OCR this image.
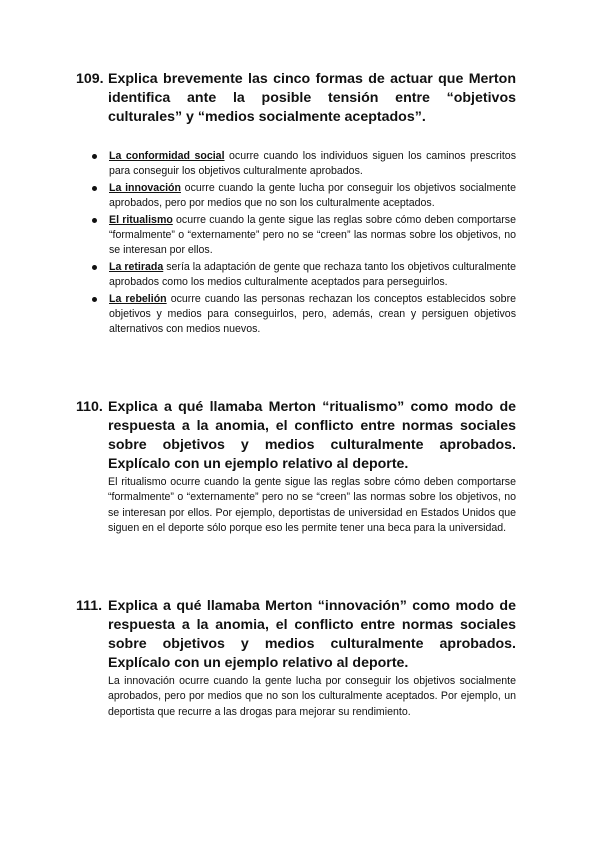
109. Explica brevemente las cinco formas de actuar que Merton identifica ante la posible tensión entre “objetivos culturales” y “medios socialmente aceptados”.
La conformidad social ocurre cuando los individuos siguen los caminos prescritos para conseguir los objetivos culturalmente aprobados.
La innovación ocurre cuando la gente lucha por conseguir los objetivos socialmente aprobados, pero por medios que no son los culturalmente aceptados.
El ritualismo ocurre cuando la gente sigue las reglas sobre cómo deben comportarse “formalmente” o “externamente” pero no se “creen” las normas sobre los objetivos, no se interesan por ellos.
La retirada sería la adaptación de gente que rechaza tanto los objetivos culturalmente aprobados como los medios culturalmente aceptados para perseguirlos.
La rebelión ocurre cuando las personas rechazan los conceptos establecidos sobre objetivos y medios para conseguirlos, pero, además, crean y persiguen objetivos alternativos con medios nuevos.
110. Explica a qué llamaba Merton “ritualismo” como modo de respuesta a la anomia, el conflicto entre normas sociales sobre objetivos y medios culturalmente aprobados. Explícalo con un ejemplo relativo al deporte.
El ritualismo ocurre cuando la gente sigue las reglas sobre cómo deben comportarse “formalmente” o “externamente” pero no se “creen” las normas sobre los objetivos, no se interesan por ellos. Por ejemplo, deportistas de universidad en Estados Unidos que siguen en el deporte sólo porque eso les permite tener una beca para la universidad.
111. Explica a qué llamaba Merton “innovación” como modo de respuesta a la anomia, el conflicto entre normas sociales sobre objetivos y medios culturalmente aprobados. Explícalo con un ejemplo relativo al deporte.
La innovación ocurre cuando la gente lucha por conseguir los objetivos socialmente aprobados, pero por medios que no son los culturalmente aceptados. Por ejemplo, un deportista que recurre a las drogas para mejorar su rendimiento.
